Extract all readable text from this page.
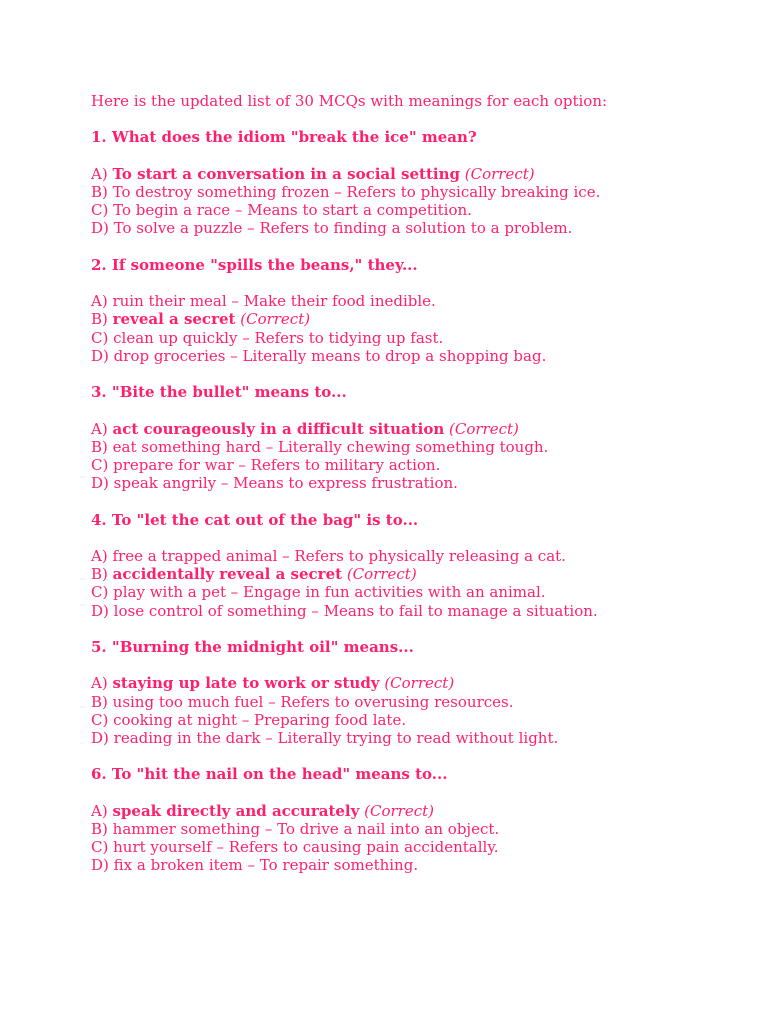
Here is the updated list of 30 MCQs with meanings for each option:

1. What does the idiom "break the ice" mean?

A) To start a conversation in a social setting (Correct)

B) To destroy something frozen – Refers to physically breaking ice.

C) To begin a race – Means to start a competition.

D) To solve a puzzle – Refers to finding a solution to a problem.

2. If someone "spills the beans," they...

A) ruin their meal – Make their food inedible.

B) reveal a secret (Correct)

C) clean up quickly – Refers to tidying up fast.

D) drop groceries – Literally means to drop a shopping bag.

3. "Bite the bullet" means to...

A) act courageously in a difficult situation (Correct)

B) eat something hard – Literally chewing something tough.

C) prepare for war – Refers to military action.

D) speak angrily – Means to express frustration.

4. To "let the cat out of the bag" is to...

A) free a trapped animal – Refers to physically releasing a cat.

B) accidentally reveal a secret (Correct)

C) play with a pet – Engage in fun activities with an animal.

D) lose control of something – Means to fail to manage a situation.

5. "Burning the midnight oil" means...

A) staying up late to work or study (Correct)

B) using too much fuel – Refers to overusing resources.

C) cooking at night – Preparing food late.

D) reading in the dark – Literally trying to read without light.

6. To "hit the nail on the head" means to...

A) speak directly and accurately (Correct)

B) hammer something – To drive a nail into an object.

C) hurt yourself – Refers to causing pain accidentally.

D) fix a broken item – To repair something.
